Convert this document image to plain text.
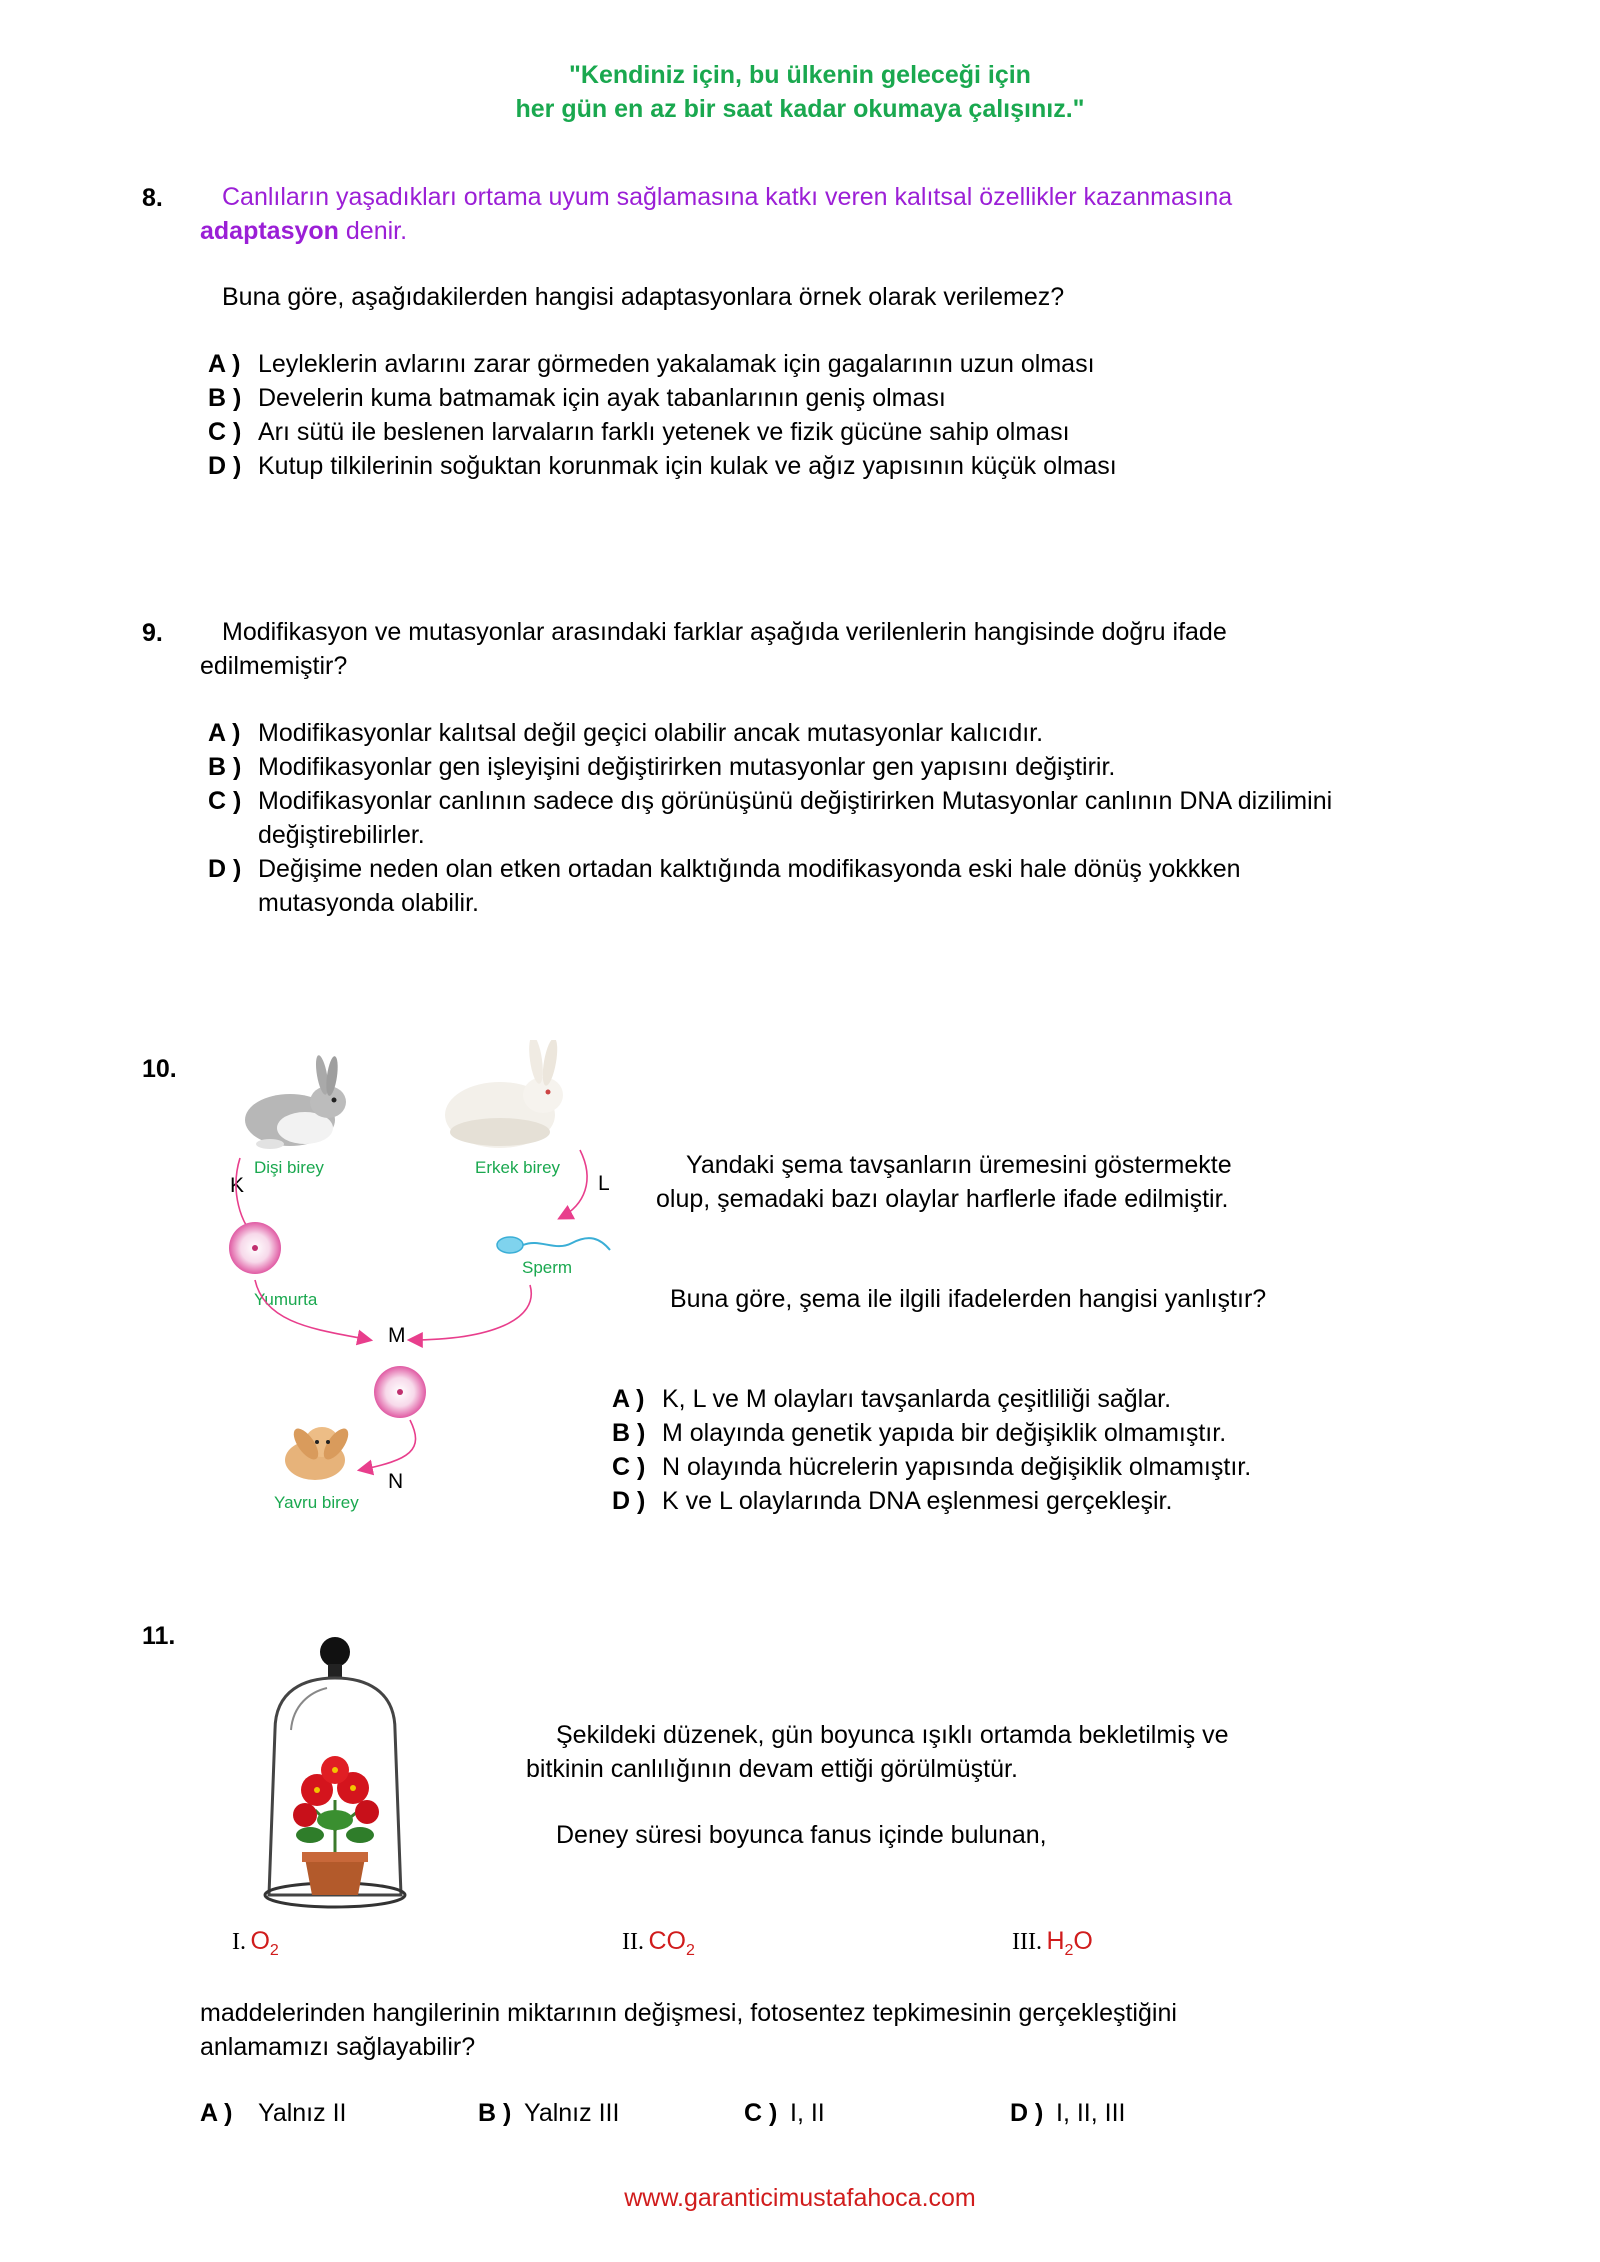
"Kendiniz için, bu ülkenin geleceği için
her gün en az bir saat kadar okumaya çalışınız."
8. Canlıların yaşadıkları ortama uyum sağlamasına katkı veren kalıtsal özellikler kazanmasına
adaptasyon denir.
Buna göre, aşağıdakilerden hangisi adaptasyonlara örnek olarak verilemez?
A ) Leyleklerin avlarını zarar görmeden yakalamak için gagalarının uzun olması
B ) Develerin kuma batmamak için ayak tabanlarının geniş olması
C ) Arı sütü ile beslenen larvaların farklı yetenek ve fizik gücüne sahip olması
D ) Kutup tilkilerinin soğuktan korunmak için kulak ve ağız yapısının küçük olması
9. Modifikasyon ve mutasyonlar arasındaki farklar aşağıda verilenlerin hangisinde doğru ifade
edilmemiştir?
A ) Modifikasyonlar kalıtsal değil geçici olabilir ancak mutasyonlar kalıcıdır.
B ) Modifikasyonlar gen işleyişini değiştirirken mutasyonlar gen yapısını değiştirir.
C ) Modifikasyonlar canlının sadece dış görünüşünü değiştirirken Mutasyonlar canlının DNA dizilimini
değiştirebilirler.
D ) Değişime neden olan etken ortadan kalktığında modifikasyonda eski hale dönüş yokkken
mutasyonda olabilir.
10.
Dişi birey	Erkek birey
K	L
Yumurta
Sperm
M
N
Yavru birey
Yandaki şema tavşanların üremesini göstermekte
olup, şemadaki bazı olaylar harflerle ifade edilmiştir.
Buna göre, şema ile ilgili ifadelerden hangisi yanlıştır?
A ) K, L ve M olayları tavşanlarda çeşitliliği sağlar.
B ) M olayında genetik yapıda bir değişiklik olmamıştır.
C ) N olayında hücrelerin yapısında değişiklik olmamıştır.
D ) K ve L olaylarında DNA eşlenmesi gerçekleşir.
11.
Şekildeki düzenek, gün boyunca ışıklı ortamda bekletilmiş ve
bitkinin canlılığının devam ettiği görülmüştür.
Deney süresi boyunca fanus içinde bulunan,
I. $O_2$	II. $CO_2$	III. $H_2O$
maddelerinden hangilerinin miktarının değişmesi, fotosentez tepkimesinin gerçekleştiğini
anlamamızı sağlayabilir?
A ) Yalnız II	B ) Yalnız III	C ) I, II	D ) I, II, III
www.garanticimustafahoca.com
